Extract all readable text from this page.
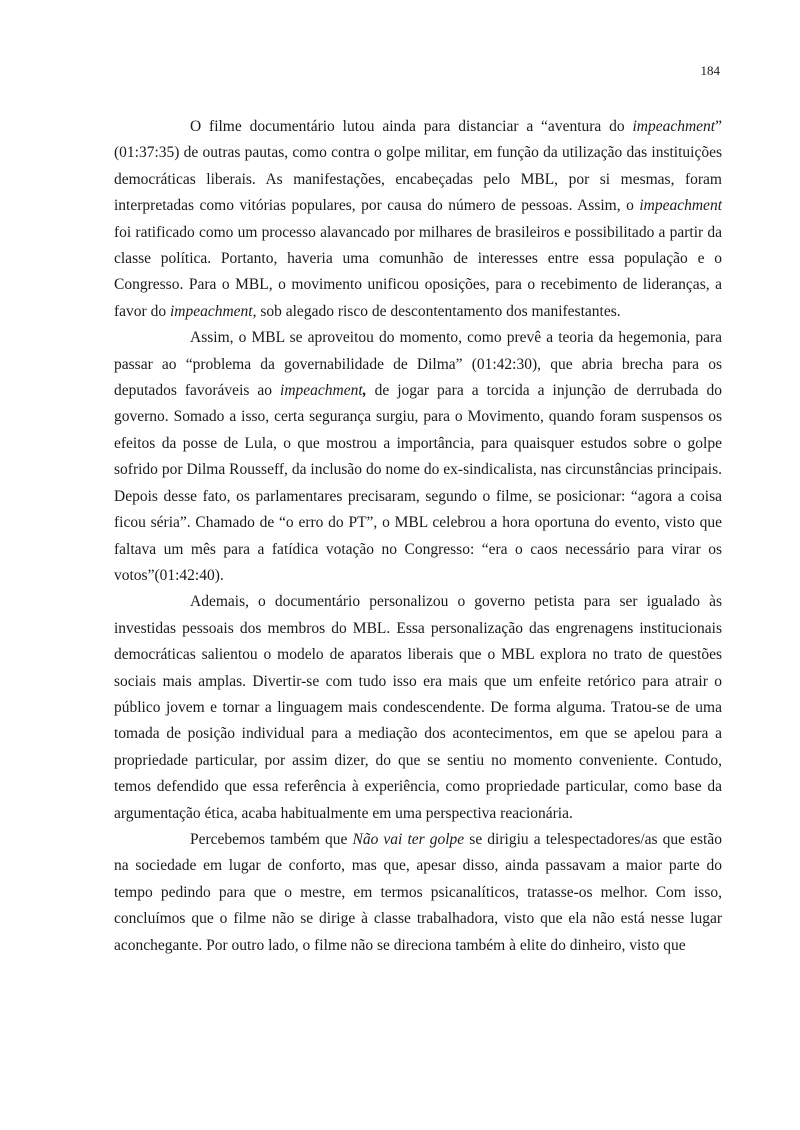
184

O filme documentário lutou ainda para distanciar a “aventura do impeachment” (01:37:35) de outras pautas, como contra o golpe militar, em função da utilização das instituições democráticas liberais. As manifestações, encabeçadas pelo MBL, por si mesmas, foram interpretadas como vitórias populares, por causa do número de pessoas. Assim, o impeachment foi ratificado como um processo alavancado por milhares de brasileiros e possibilitado a partir da classe política. Portanto, haveria uma comunhão de interesses entre essa população e o Congresso. Para o MBL, o movimento unificou oposições, para o recebimento de lideranças, a favor do impeachment, sob alegado risco de descontentamento dos manifestantes.

Assim, o MBL se aproveitou do momento, como prevê a teoria da hegemonia, para passar ao “problema da governabilidade de Dilma” (01:42:30), que abria brecha para os deputados favoráveis ao impeachment, de jogar para a torcida a injunção de derrubada do governo. Somado a isso, certa segurança surgiu, para o Movimento, quando foram suspensos os efeitos da posse de Lula, o que mostrou a importância, para quaisquer estudos sobre o golpe sofrido por Dilma Rousseff, da inclusão do nome do ex-sindicalista, nas circunstâncias principais. Depois desse fato, os parlamentares precisaram, segundo o filme, se posicionar: “agora a coisa ficou séria”. Chamado de “o erro do PT”, o MBL celebrou a hora oportuna do evento, visto que faltava um mês para a fatídica votação no Congresso: “era o caos necessário para virar os votos”(01:42:40).

Ademais, o documentário personalizou o governo petista para ser igualado às investidas pessoais dos membros do MBL. Essa personalização das engrenagens institucionais democráticas salientou o modelo de aparatos liberais que o MBL explora no trato de questões sociais mais amplas. Divertir-se com tudo isso era mais que um enfeite retórico para atrair o público jovem e tornar a linguagem mais condescendente. De forma alguma. Tratou-se de uma tomada de posição individual para a mediação dos acontecimentos, em que se apelou para a propriedade particular, por assim dizer, do que se sentiu no momento conveniente. Contudo, temos defendido que essa referência à experiência, como propriedade particular, como base da argumentação ética, acaba habitualmente em uma perspectiva reacionária.

Percebemos também que Não vai ter golpe se dirigiu a telespectadores/as que estão na sociedade em lugar de conforto, mas que, apesar disso, ainda passavam a maior parte do tempo pedindo para que o mestre, em termos psicanalíticos, tratasse-os melhor. Com isso, concluímos que o filme não se dirige à classe trabalhadora, visto que ela não está nesse lugar aconchegante. Por outro lado, o filme não se direciona também à elite do dinheiro, visto que
